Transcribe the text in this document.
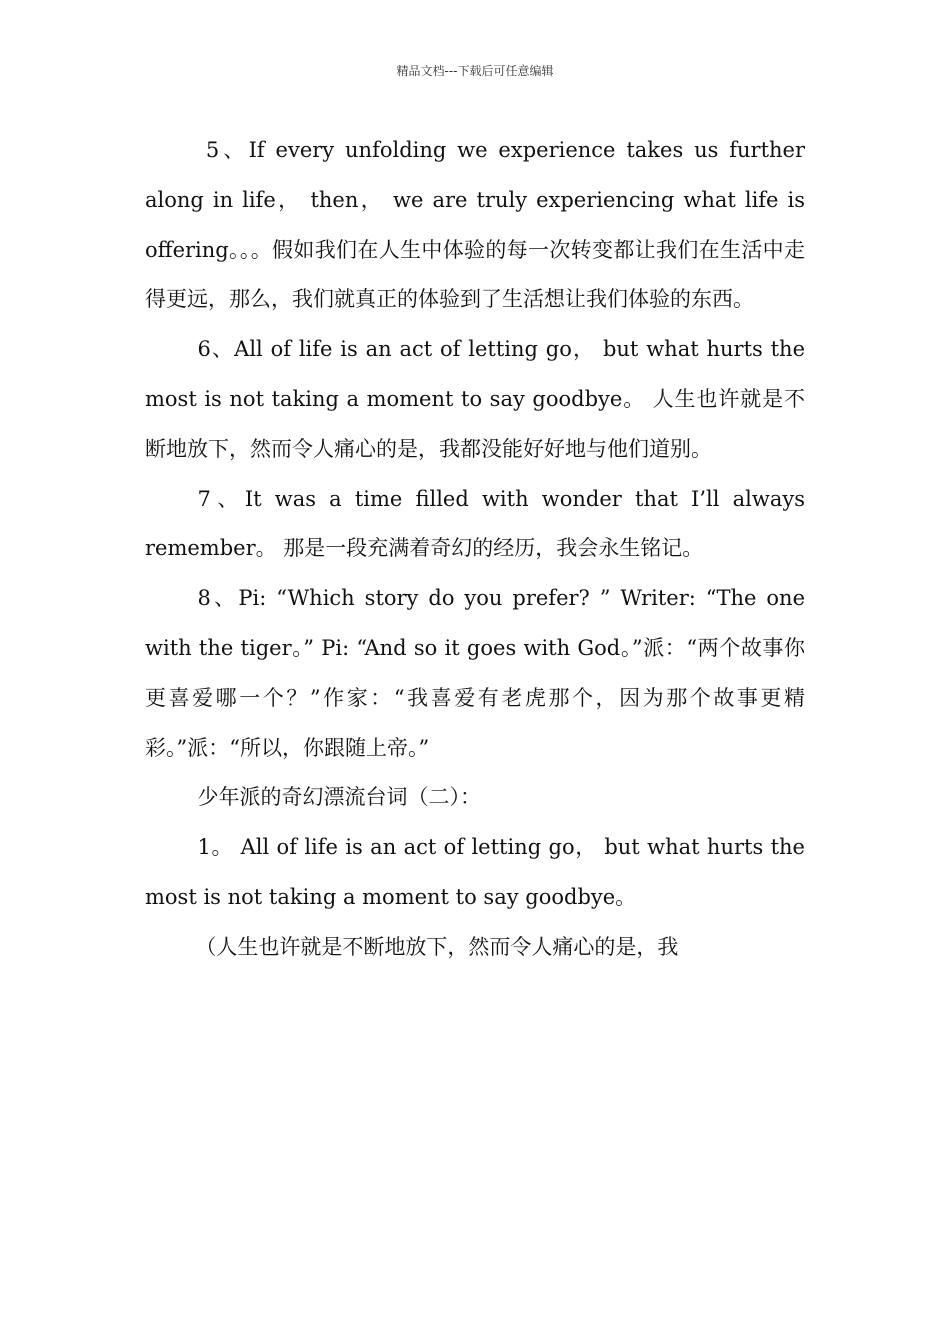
精品文档---下载后可任意编辑

5、If every unfolding we experience takes us further along in life， then， we are truly experiencing what life is offering。。。假如我们在人生中体验的每一次转变都让我们在生活中走得更远，那么，我们就真正的体验到了生活想让我们体验的东西。

6、All of life is an act of letting go， but what hurts the most is not taking a moment to say goodbye。 人生也许就是不断地放下，然而令人痛心的是，我都没能好好地与他们道别。

7、It was a time filled with wonder that I’ll always remember。 那是一段充满着奇幻的经历，我会永生铭记。

8、Pi: “Which story do you prefer? ” Writer: “The one with the tiger。” Pi: “And so it goes with God。”派：“两个故事你更喜爱哪一个？”作家：“我喜爱有老虎那个，因为那个故事更精彩。”派：“所以，你跟随上帝。”

少年派的奇幻漂流台词（二）：

1。 All of life is an act of letting go， but what hurts the most is not taking a moment to say goodbye。

（人生也许就是不断地放下，然而令人痛心的是，我
